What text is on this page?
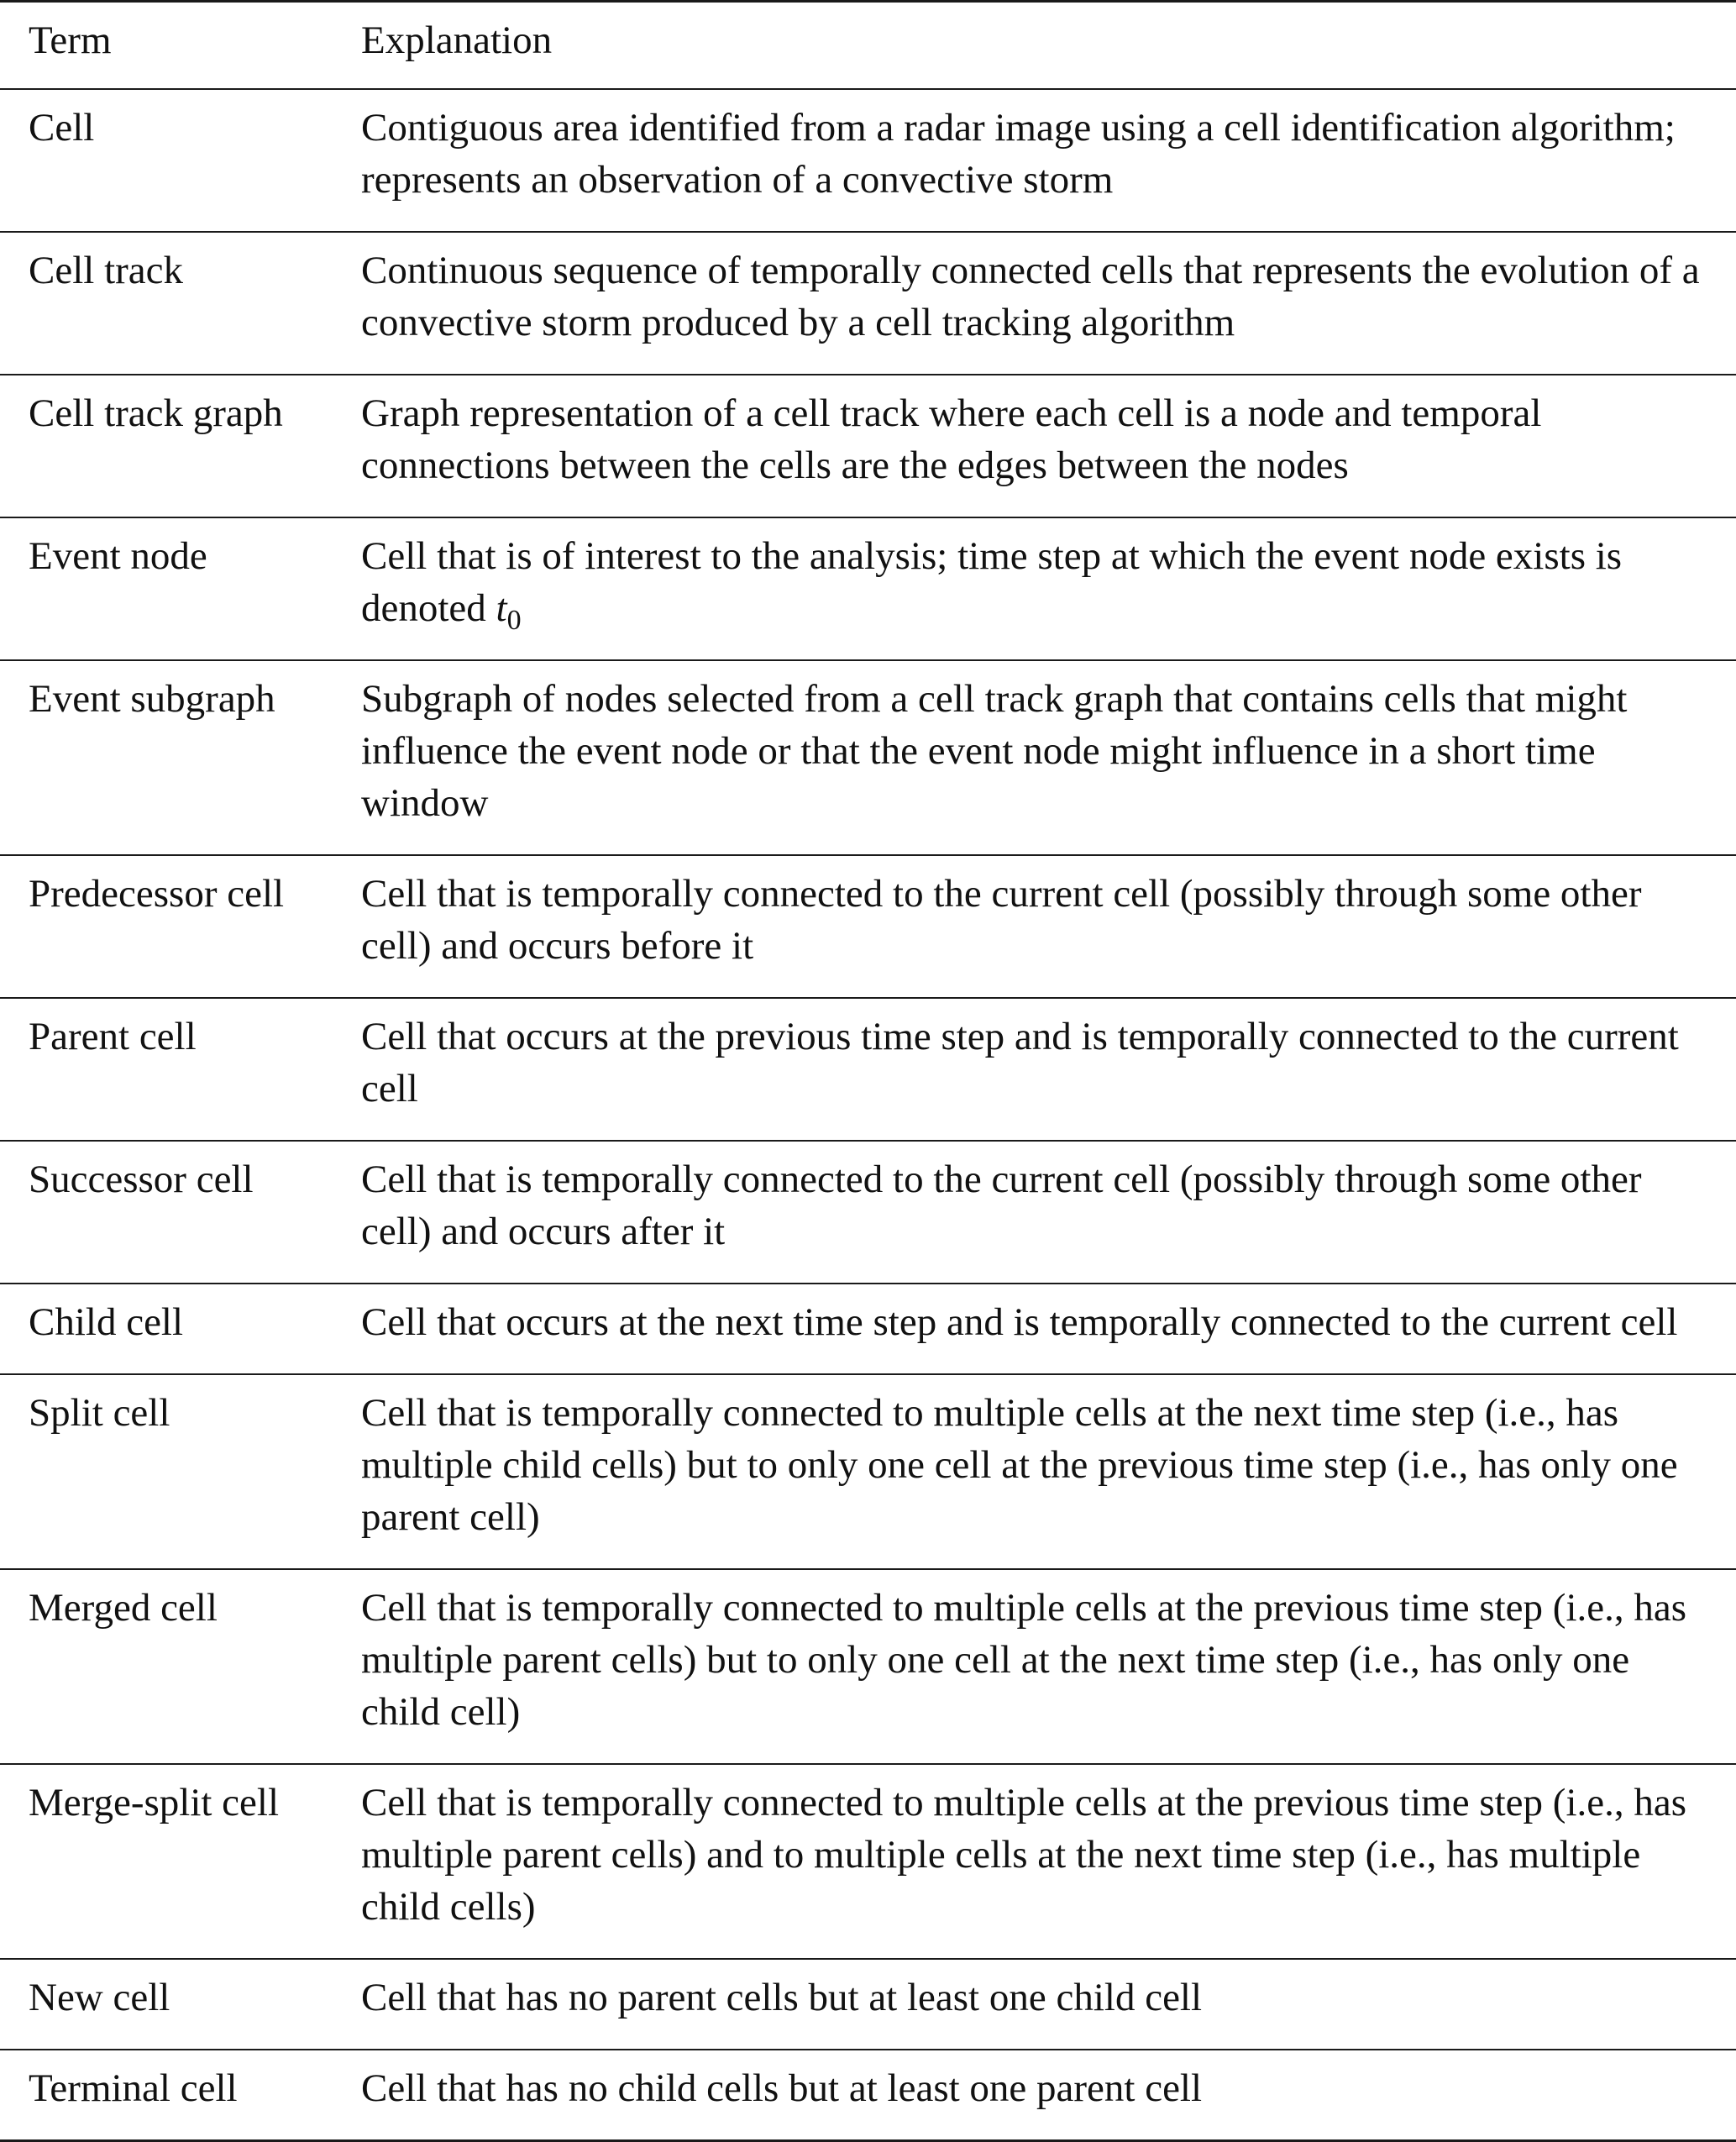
Term	Explanation
Cell	Contiguous area identified from a radar image using a cell identification algorithm; represents an observation of a convective storm
Cell track	Continuous sequence of temporally connected cells that represents the evolution of a convective storm produced by a cell tracking algorithm
Cell track graph	Graph representation of a cell track where each cell is a node and temporal connections between the cells are the edges between the nodes
Event node	Cell that is of interest to the analysis; time step at which the event node exists is denoted $t_0$
Event subgraph	Subgraph of nodes selected from a cell track graph that contains cells that might influence the event node or that the event node might influence in a short time window
Predecessor cell	Cell that is temporally connected to the current cell (possibly through some other cell) and occurs before it
Parent cell	Cell that occurs at the previous time step and is temporally connected to the current cell
Successor cell	Cell that is temporally connected to the current cell (possibly through some other cell) and occurs after it
Child cell	Cell that occurs at the next time step and is temporally connected to the current cell
Split cell	Cell that is temporally connected to multiple cells at the next time step (i.e., has multiple child cells) but to only one cell at the previous time step (i.e., has only one parent cell)
Merged cell	Cell that is temporally connected to multiple cells at the previous time step (i.e., has multiple parent cells) but to only one cell at the next time step (i.e., has only one child cell)
Merge-split cell	Cell that is temporally connected to multiple cells at the previous time step (i.e., has multiple parent cells) and to multiple cells at the next time step (i.e., has multiple child cells)
New cell	Cell that has no parent cells but at least one child cell
Terminal cell	Cell that has no child cells but at least one parent cell
